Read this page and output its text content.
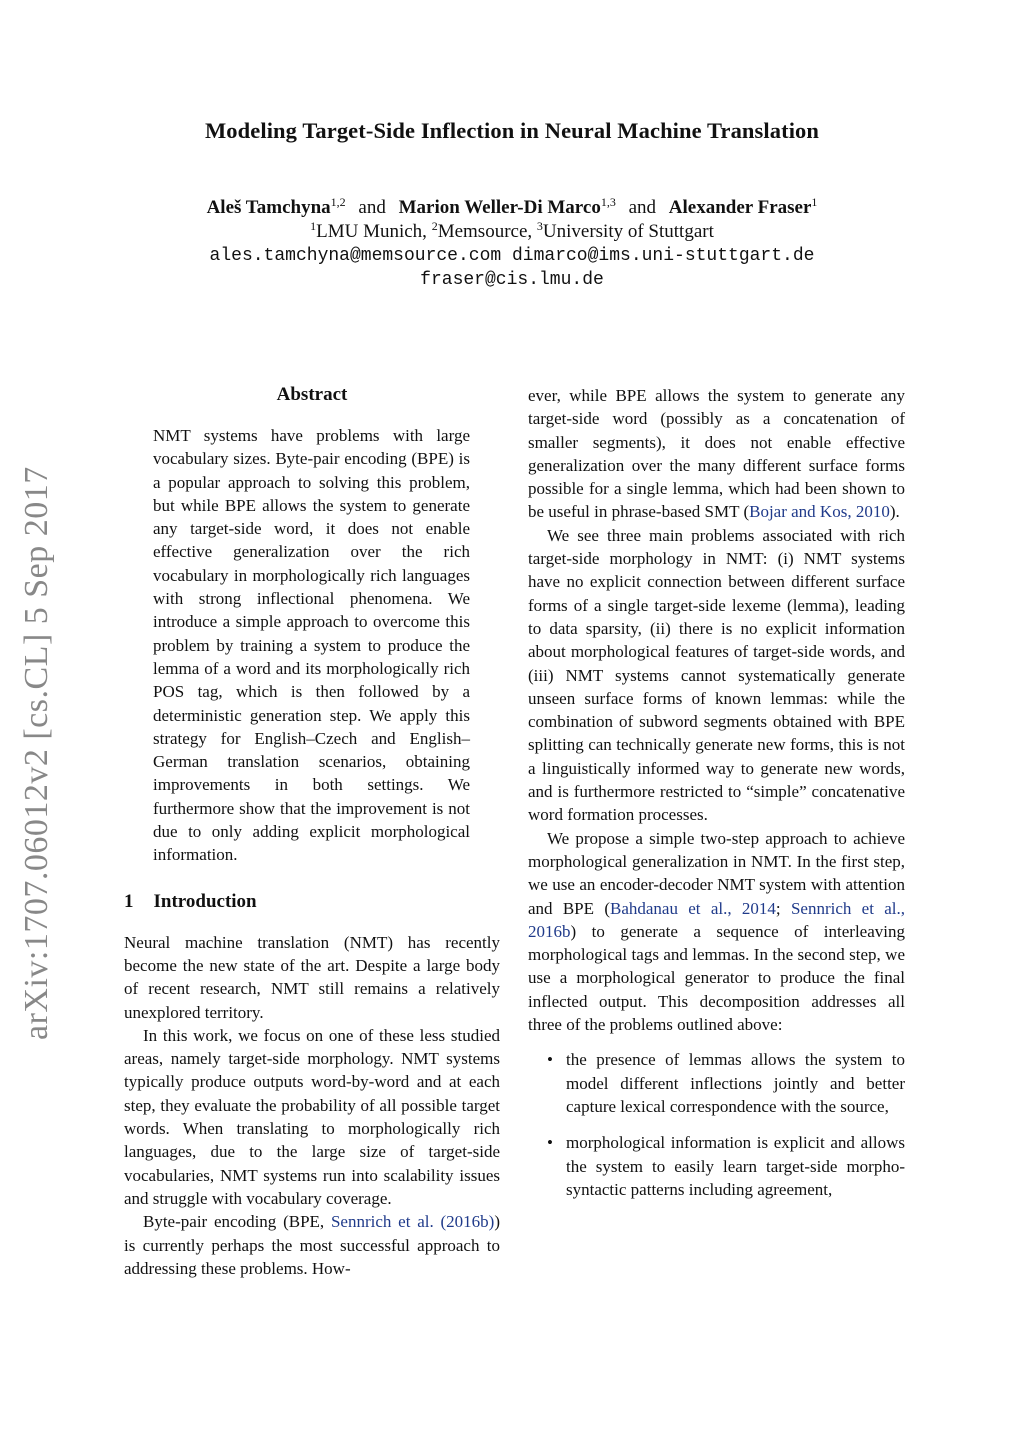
Modeling Target-Side Inflection in Neural Machine Translation
Aleš Tamchyna$^{1,2}$ and Marion Weller-Di Marco$^{1,3}$ and Alexander Fraser$^1$
$^1$LMU Munich, $^2$Memsource, $^3$University of Stuttgart
ales.tamchyna@memsource.com dimarco@ims.uni-stuttgart.de
fraser@cis.lmu.de
arXiv:1707.06012v2 [cs.CL] 5 Sep 2017
Abstract
NMT systems have problems with large vocabulary sizes. Byte-pair encoding (BPE) is a popular approach to solving this problem, but while BPE allows the system to generate any target-side word, it does not enable effective generalization over the rich vocabulary in morphologically rich languages with strong inflectional phenomena. We introduce a simple approach to overcome this problem by training a system to produce the lemma of a word and its morphologically rich POS tag, which is then followed by a deterministic generation step. We apply this strategy for English–Czech and English–German translation scenarios, obtaining improvements in both settings. We furthermore show that the improvement is not due to only adding explicit morphological information.
1 Introduction

Neural machine translation (NMT) has recently become the new state of the art. Despite a large body of recent research, NMT still remains a relatively unexplored territory.

In this work, we focus on one of these less studied areas, namely target-side morphology. NMT systems typically produce outputs word-by-word and at each step, they evaluate the probability of all possible target words. When translating to morphologically rich languages, due to the large size of target-side vocabularies, NMT systems run into scalability issues and struggle with vocabulary coverage.

Byte-pair encoding (BPE, Sennrich et al. (2016b)) is currently perhaps the most successful approach to addressing these problems. How-

ever, while BPE allows the system to generate any target-side word (possibly as a concatenation of smaller segments), it does not enable effective generalization over the many different surface forms possible for a single lemma, which had been shown to be useful in phrase-based SMT (Bojar and Kos, 2010).

We see three main problems associated with rich target-side morphology in NMT: (i) NMT systems have no explicit connection between different surface forms of a single target-side lexeme (lemma), leading to data sparsity, (ii) there is no explicit information about morphological features of target-side words, and (iii) NMT systems cannot systematically generate unseen surface forms of known lemmas: while the combination of subword segments obtained with BPE splitting can technically generate new forms, this is not a linguistically informed way to generate new words, and is furthermore restricted to “simple” concatenative word formation processes.

We propose a simple two-step approach to achieve morphological generalization in NMT. In the first step, we use an encoder-decoder NMT system with attention and BPE (Bahdanau et al., 2014; Sennrich et al., 2016b) to generate a sequence of interleaving morphological tags and lemmas. In the second step, we use a morphological generator to produce the final inflected output. This decomposition addresses all three of the problems outlined above:

• the presence of lemmas allows the system to model different inflections jointly and better capture lexical correspondence with the source,
• morphological information is explicit and allows the system to easily learn target-side morpho-syntactic patterns including agreement,
